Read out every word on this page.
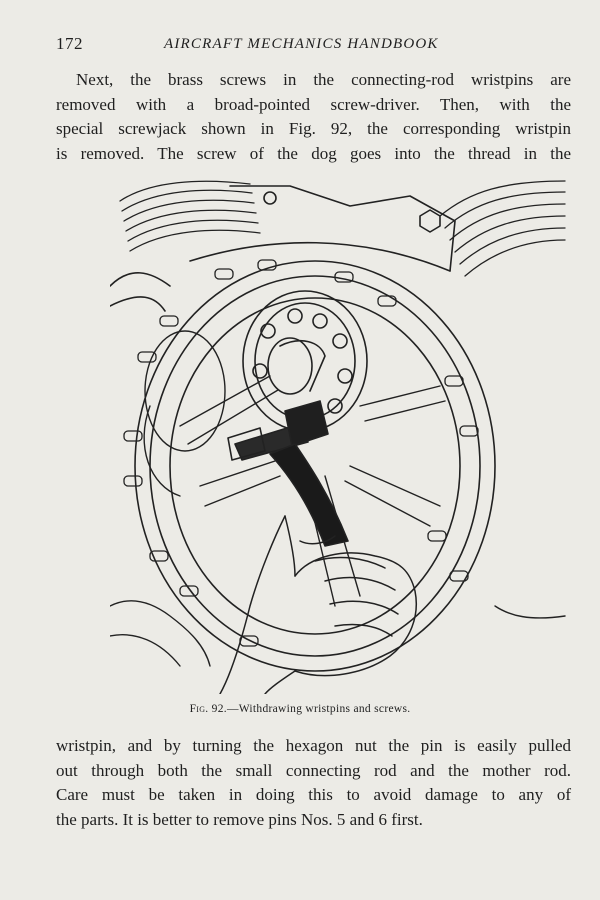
172	AIRCRAFT MECHANICS HANDBOOK
Next, the brass screws in the connecting-rod wristpins are
removed with a broad-pointed screw-driver. Then, with the
special screwjack shown in Fig. 92, the corresponding wristpin
is removed. The screw of the dog goes into the thread in the
Fig. 92.—Withdrawing wristpins and screws.
wristpin, and by turning the hexagon nut the pin is easily pulled
out through both the small connecting rod and the mother rod.
Care must be taken in doing this to avoid damage to any of
the parts. It is better to remove pins Nos. 5 and 6 first.
